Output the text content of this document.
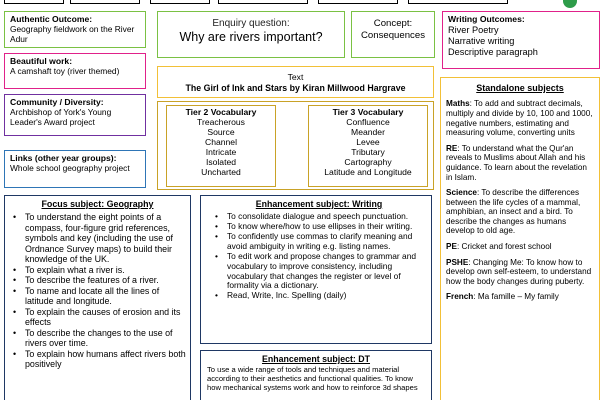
Authentic Outcome:
Geography fieldwork on the River Adur
Beautiful work:
A camshaft toy (river themed)
Community / Diversity:
Archbishop of York's Young Leader's Award project
Links (other year groups):
Whole school geography project
Enquiry question:
Why are rivers important?
Concept:
Consequences
Writing Outcomes:
River Poetry
Narrative writing
Descriptive paragraph
Text
The Girl of Ink and Stars by Kiran Millwood Hargrave
Tier 2 Vocabulary
Treacherous
Source
Channel
Intricate
Isolated
Uncharted
Tier 3 Vocabulary
Confluence
Meander
Levee
Tributary
Cartography
Latitude and Longitude
Focus subject: Geography
• To understand the eight points of a compass, four-figure grid references, symbols and key (including the use of Ordnance Survey maps) to build their knowledge of the UK.
• To explain what a river is.
• To describe the features of a river.
• To name and locate all the lines of latitude and longitude.
• To explain the causes of erosion and its effects
• To describe the changes to the use of rivers over time.
• To explain how humans affect rivers both positively
Enhancement subject: Writing
• To consolidate dialogue and speech punctuation.
• To know where/how to use ellipses in their writing.
• To confidently use commas to clarify meaning and avoid ambiguity in writing e.g. listing names.
• To edit work and propose changes to grammar and vocabulary to improve consistency, including vocabulary that changes the register or level of formality via a dictionary.
• Read, Write, Inc. Spelling (daily)
Enhancement subject: DT
To use a wide range of tools and techniques and material according to their aesthetics and functional qualities. To know how mechanical systems work and how to reinforce 3d shapes
Standalone subjects
Maths: To add and subtract decimals, multiply and divide by 10, 100 and 1000, negative numbers, estimating and measuring volume, converting units
RE: To understand what the Qur'an reveals to Muslims about Allah and his guidance. To learn about the revelation in Islam.
Science: To describe the differences between the life cycles of a mammal, amphibian, an insect and a bird. To describe the changes as humans develop to old age.
PE: Cricket and forest school
PSHE: Changing Me: To know how to develop own self-esteem, to understand how the body changes during puberty.
French: Ma famille – My family
